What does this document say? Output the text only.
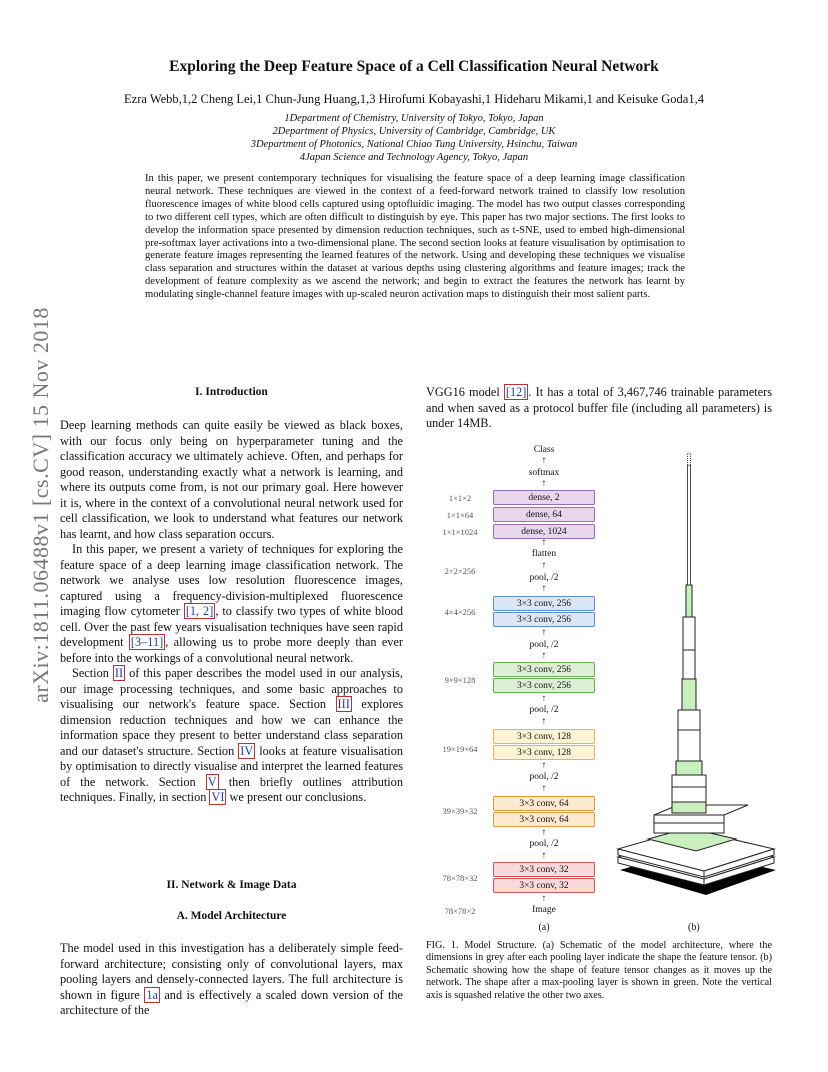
arXiv:1811.06488v1 [cs.CV] 15 Nov 2018
Exploring the Deep Feature Space of a Cell Classification Neural Network
Ezra Webb,1,2 Cheng Lei,1 Chun-Jung Huang,1,3 Hirofumi Kobayashi,1 Hideharu Mikami,1 and Keisuke Goda1,4
1Department of Chemistry, University of Tokyo, Tokyo, Japan
2Department of Physics, University of Cambridge, Cambridge, UK
3Department of Photonics, National Chiao Tung University, Hsinchu, Taiwan
4Japan Science and Technology Agency, Tokyo, Japan
In this paper, we present contemporary techniques for visualising the feature space of a deep learning image classification neural network. These techniques are viewed in the context of a feed-forward network trained to classify low resolution fluorescence images of white blood cells captured using optofluidic imaging. The model has two output classes corresponding to two different cell types, which are often difficult to distinguish by eye. This paper has two major sections. The first looks to develop the information space presented by dimension reduction techniques, such as t-SNE, used to embed high-dimensional pre-softmax layer activations into a two-dimensional plane. The second section looks at feature visualisation by optimisation to generate feature images representing the learned features of the network. Using and developing these techniques we visualise class separation and structures within the dataset at various depths using clustering algorithms and feature images; track the development of feature complexity as we ascend the network; and begin to extract the features the network has learnt by modulating single-channel feature images with up-scaled neuron activation maps to distinguish their most salient parts.
I. Introduction

Deep learning methods can quite easily be viewed as black boxes, with our focus only being on hyperparameter tuning and the classification accuracy we ultimately achieve. Often, and perhaps for good reason, understanding exactly what a network is learning, and where its outputs come from, is not our primary goal. Here however it is, where in the context of a convolutional neural network used for cell classification, we look to understand what features our network has learnt, and how class separation occurs.

In this paper, we present a variety of techniques for exploring the feature space of a deep learning image classification network. The network we analyse uses low resolution fluorescence images, captured using a frequency-division-multiplexed fluorescence imaging flow cytometer [1, 2] , to classify two types of white blood cell. Over the past few years visualisation techniques have seen rapid development [3–11] , allowing us to probe more deeply than ever before into the workings of a convolutional neural network.

Section II of this paper describes the model used in our analysis, our image processing techniques, and some basic approaches to visualising our network's feature space. Section III explores dimension reduction techniques and how we can enhance the information space they present to better understand class separation and our dataset's structure. Section IV looks at feature visualisation by optimisation to directly visualise and interpret the learned features of the network. Section V then briefly outlines attribution techniques. Finally, in section VI we present our conclusions.

II. Network & Image Data
A. Model Architecture

The model used in this investigation has a deliberately simple feed-forward architecture; consisting only of convolutional layers, max pooling layers and densely-connected layers. The full architecture is shown in figure 1a and is effectively a scaled down version of the architecture of the

VGG16 model [12] . It has a total of 3,467,746 trainable parameters and when saved as a protocol buffer file (including all parameters) is under 14MB.

Class
↑
softmax
↑
1×1×2	dense, 2
1×1×64	dense, 64
1×1×1024	dense, 1024
↑
flatten
↑
2×2×256
pool, /2
↑
3×3 conv, 256
4×4×256
3×3 conv, 256
↑
pool, /2
↑
3×3 conv, 256
9×9×128
3×3 conv, 256
↑
pool, /2
↑
3×3 conv, 128
19×19×64	3×3 conv, 128
↑
pool, /2
↑
3×3 conv, 64
39×39×32
3×3 conv, 64
↑
pool, /2
↑
3×3 conv, 32
78×78×32
3×3 conv, 32
↑
78×78×2	Image
(a)	(b)
FIG. 1. Model Structure. (a) Schematic of the model architecture, where the dimensions in grey after each pooling layer indicate the shape the feature tensor. (b) Schematic showing how the shape of feature tensor changes as it moves up the network. The shape after a max-pooling layer is shown in green. Note the vertical axis is squashed relative the other two axes.
